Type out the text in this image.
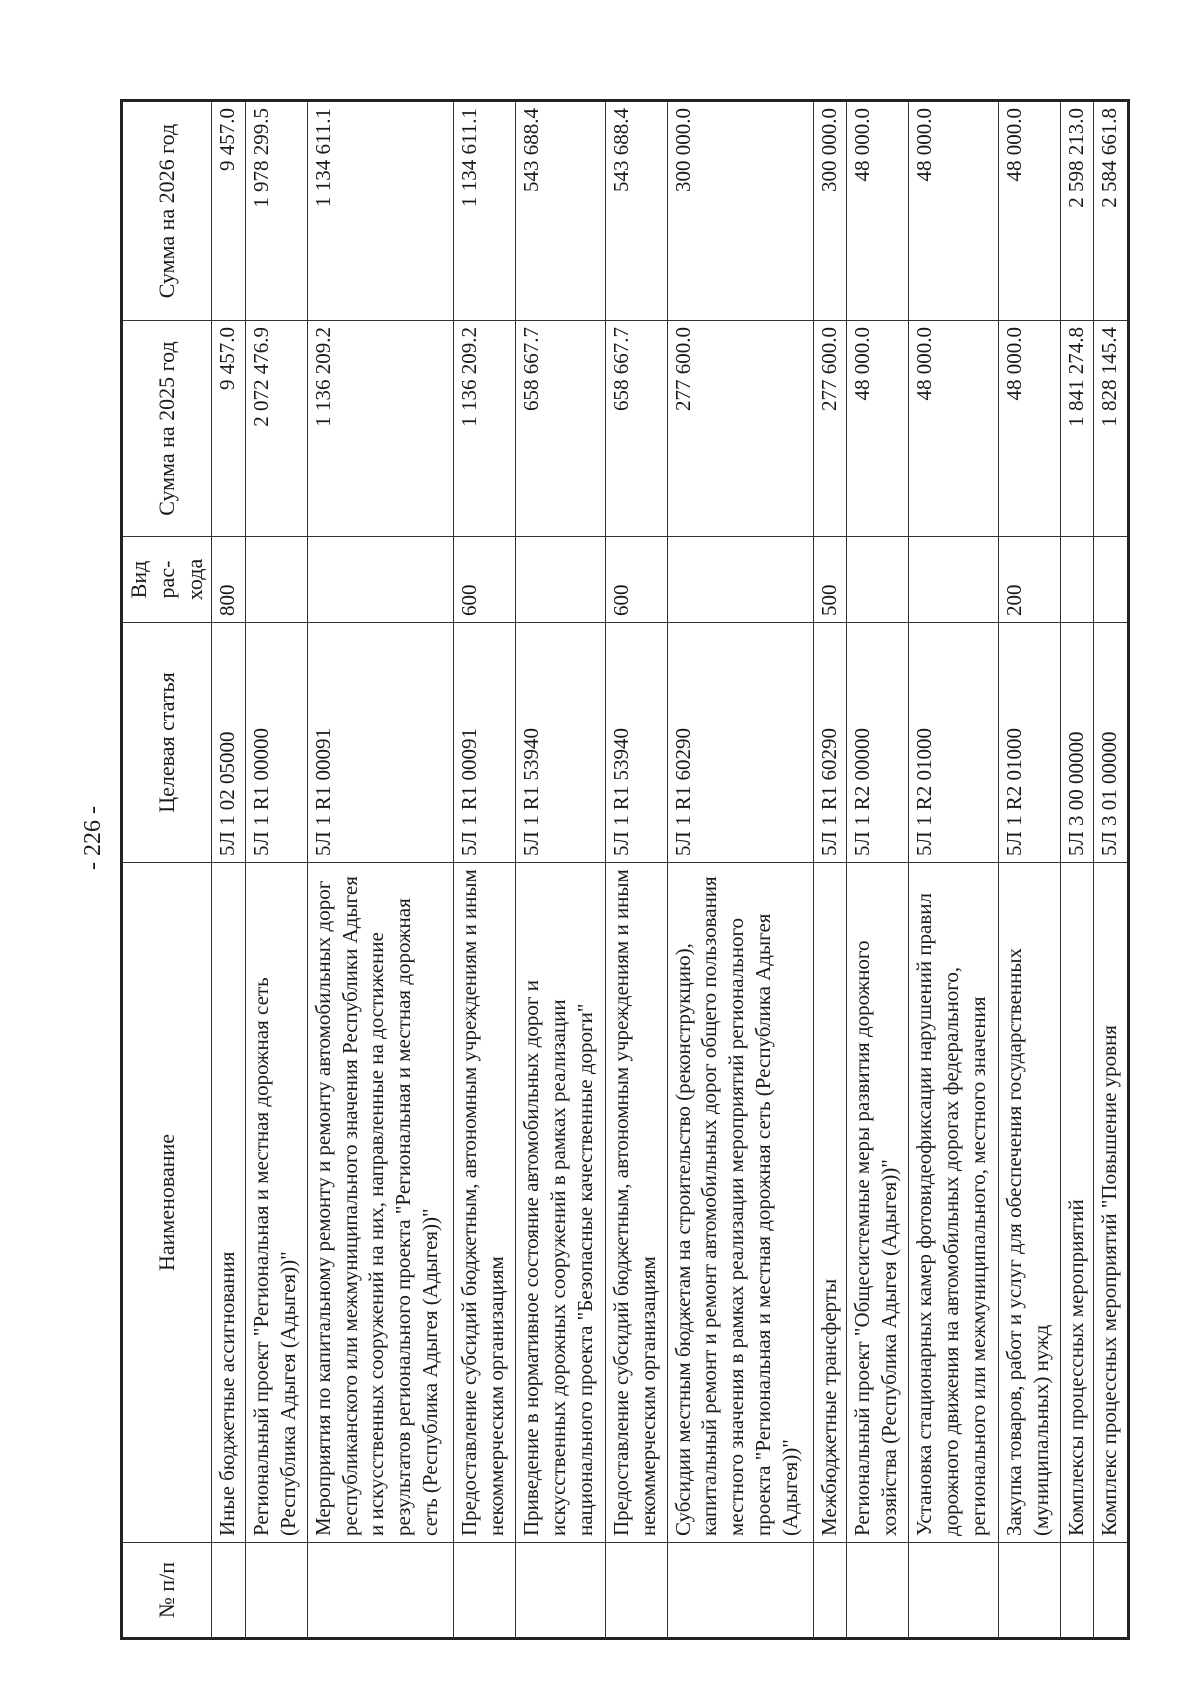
- 226 -
№ п/п	Наименование	Целевая статья	Вид рас- хода	Сумма на 2025 год	Сумма на 2026 год
	Иные бюджетные ассигнования	5Л 1 02 05000	800	9 457.0	9 457.0
	Региональный проект "Региональная и местная дорожная сеть (Республика Адыгея (Адыгея))"	5Л 1 R1 00000		2 072 476.9	1 978 299.5
	Мероприятия по капитальному ремонту и ремонту автомобильных дорог республиканского или межмуниципального значения Республики Адыгея и искусственных сооружений на них, направленные на достижение результатов регионального проекта "Региональная и местная дорожная сеть (Республика Адыгея (Адыгея))"	5Л 1 R1 00091		1 136 209.2	1 134 611.1
	Предоставление субсидий бюджетным, автономным учреждениям и иным некоммерческим организациям	5Л 1 R1 00091	600	1 136 209.2	1 134 611.1
	Приведение в нормативное состояние автомобильных дорог и искусственных дорожных сооружений в рамках реализации национального проекта "Безопасные качественные дороги"	5Л 1 R1 53940		658 667.7	543 688.4
	Предоставление субсидий бюджетным, автономным учреждениям и иным некоммерческим организациям	5Л 1 R1 53940	600	658 667.7	543 688.4
	Субсидии местным бюджетам на строительство (реконструкцию), капитальный ремонт и ремонт автомобильных дорог общего пользования местного значения в рамках реализации мероприятий регионального проекта "Региональная и местная дорожная сеть (Республика Адыгея (Адыгея))"	5Л 1 R1 60290		277 600.0	300 000.0
	Межбюджетные трансферты	5Л 1 R1 60290	500	277 600.0	300 000.0
	Региональный проект "Общесистемные меры развития дорожного хозяйства (Республика Адыгея (Адыгея))"	5Л 1 R2 00000		48 000.0	48 000.0
	Установка стационарных камер фотовидеофиксации нарушений правил дорожного движения на автомобильных дорогах федерального, регионального или межмуниципального, местного значения	5Л 1 R2 01000		48 000.0	48 000.0
	Закупка товаров, работ и услуг для обеспечения государственных (муниципальных) нужд	5Л 1 R2 01000	200	48 000.0	48 000.0
	Комплексы процессных мероприятий	5Л 3 00 00000		1 841 274.8	2 598 213.0
	Комплекс процессных мероприятий "Повышение уровня	5Л 3 01 00000		1 828 145.4	2 584 661.8
